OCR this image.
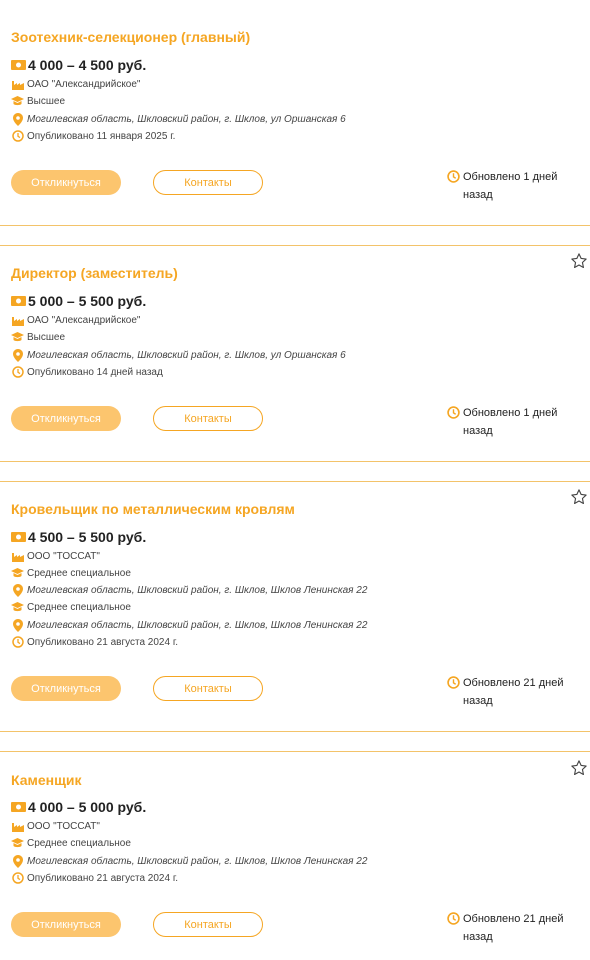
Зоотехник-селекционер (главный)
4 000 – 4 500 руб.
ОАО "Александрийское"
Высшее
Могилевская область, Шкловский район, г. Шклов, ул Оршанская 6
Опубликовано 11 января 2025 г.
Откликнуться	Контакты	Обновлено 1 дней
назад
Директор (заместитель)
5 000 – 5 500 руб.
ОАО "Александрийское"
Высшее
Могилевская область, Шкловский район, г. Шклов, ул Оршанская 6
Опубликовано 14 дней назад
Откликнуться	Контакты	Обновлено 1 дней
назад
Кровельщик по металлическим кровлям
4 500 – 5 500 руб.
ООО "ТОССАТ"
Среднее специальное
Могилевская область, Шкловский район, г. Шклов, Шклов Ленинская 22
Среднее специальное
Могилевская область, Шкловский район, г. Шклов, Шклов Ленинская 22
Опубликовано 21 августа 2024 г.
Откликнуться	Контакты	Обновлено 21 дней
назад
Каменщик
4 000 – 5 000 руб.
ООО "ТОССАТ"
Среднее специальное
Могилевская область, Шкловский район, г. Шклов, Шклов Ленинская 22
Опубликовано 21 августа 2024 г.
Откликнуться	Контакты	Обновлено 21 дней
назад
